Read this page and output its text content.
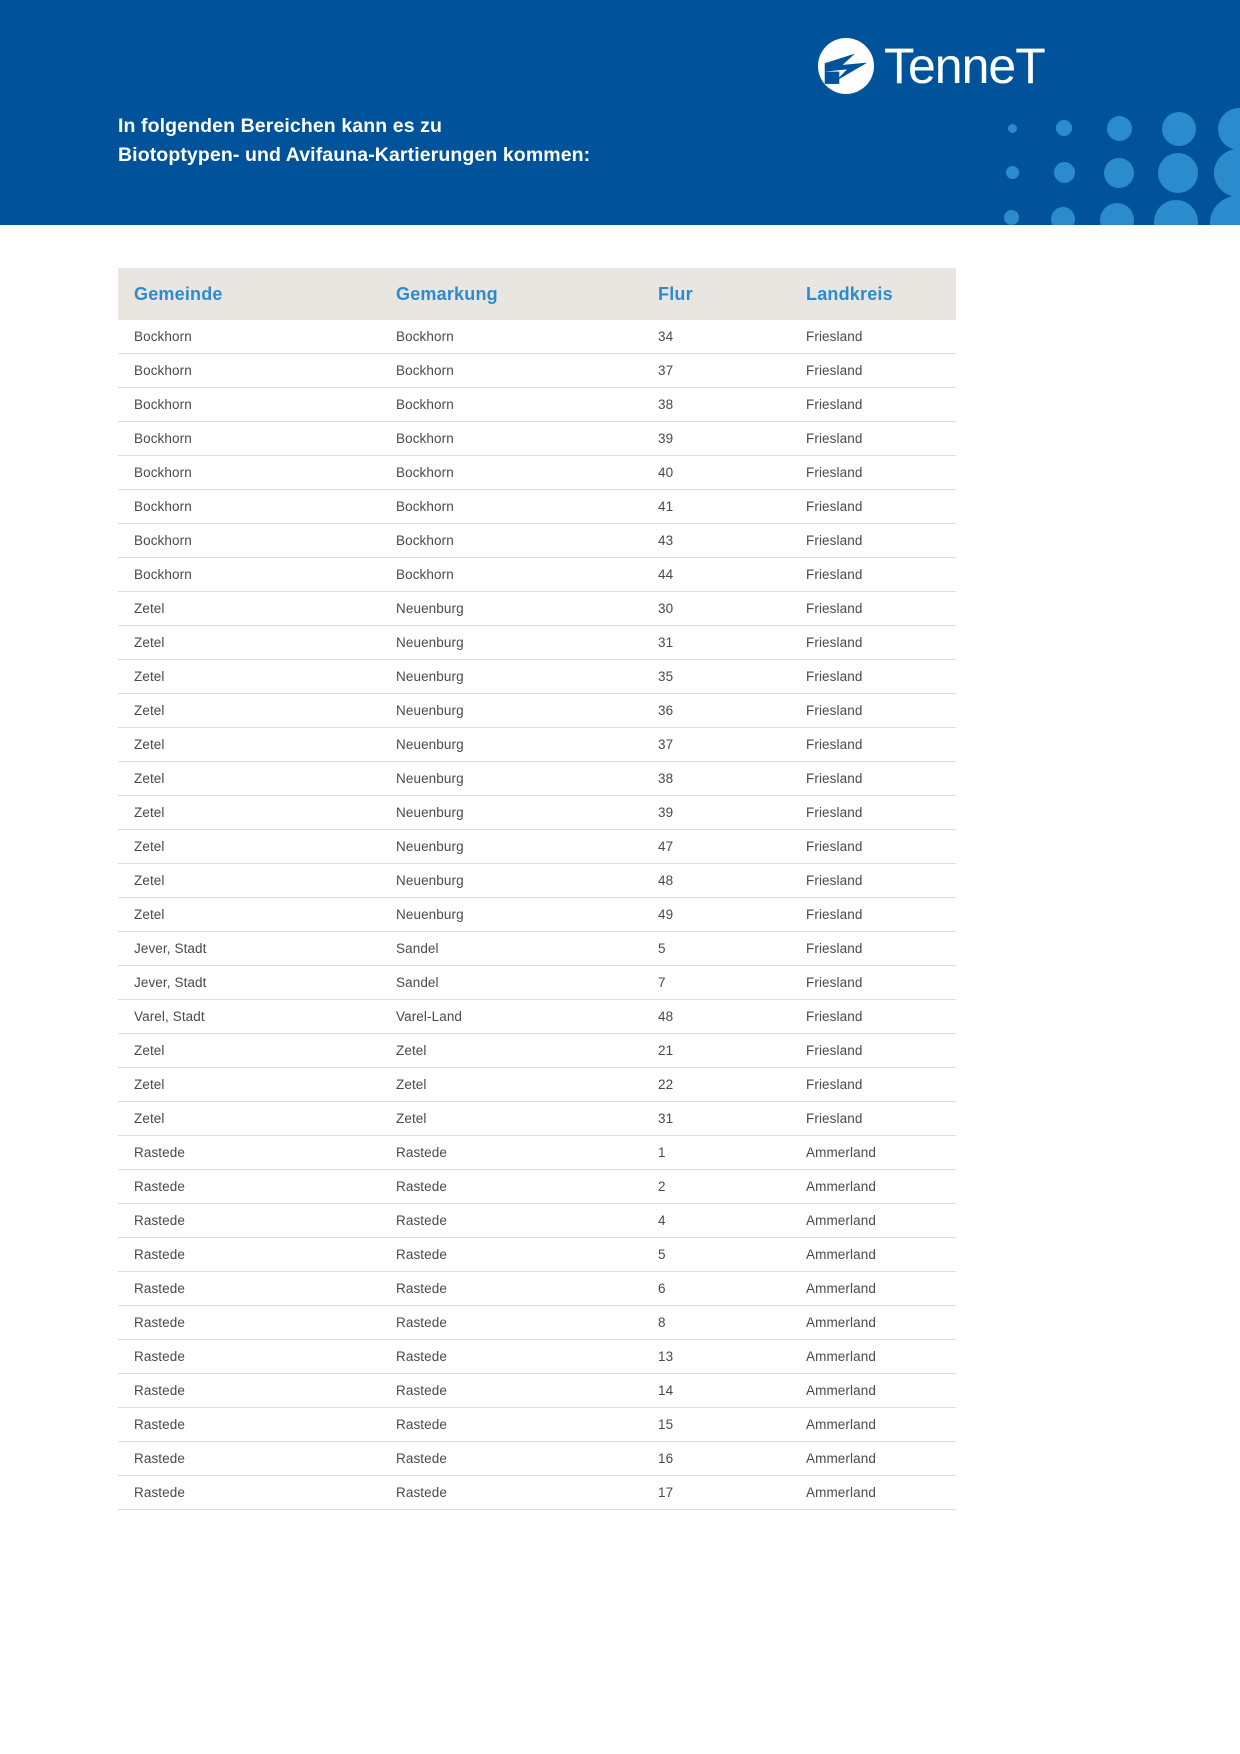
TenneT
In folgenden Bereichen kann es zu
Biotoptypen- und Avifauna-Kartierungen kommen:
Gemeinde	Gemarkung	Flur	Landkreis
Bockhorn	Bockhorn	34	Friesland
Bockhorn	Bockhorn	37	Friesland
Bockhorn	Bockhorn	38	Friesland
Bockhorn	Bockhorn	39	Friesland
Bockhorn	Bockhorn	40	Friesland
Bockhorn	Bockhorn	41	Friesland
Bockhorn	Bockhorn	43	Friesland
Bockhorn	Bockhorn	44	Friesland
Zetel	Neuenburg	30	Friesland
Zetel	Neuenburg	31	Friesland
Zetel	Neuenburg	35	Friesland
Zetel	Neuenburg	36	Friesland
Zetel	Neuenburg	37	Friesland
Zetel	Neuenburg	38	Friesland
Zetel	Neuenburg	39	Friesland
Zetel	Neuenburg	47	Friesland
Zetel	Neuenburg	48	Friesland
Zetel	Neuenburg	49	Friesland
Jever, Stadt	Sandel	5	Friesland
Jever, Stadt	Sandel	7	Friesland
Varel, Stadt	Varel-Land	48	Friesland
Zetel	Zetel	21	Friesland
Zetel	Zetel	22	Friesland
Zetel	Zetel	31	Friesland
Rastede	Rastede	1	Ammerland
Rastede	Rastede	2	Ammerland
Rastede	Rastede	4	Ammerland
Rastede	Rastede	5	Ammerland
Rastede	Rastede	6	Ammerland
Rastede	Rastede	8	Ammerland
Rastede	Rastede	13	Ammerland
Rastede	Rastede	14	Ammerland
Rastede	Rastede	15	Ammerland
Rastede	Rastede	16	Ammerland
Rastede	Rastede	17	Ammerland
